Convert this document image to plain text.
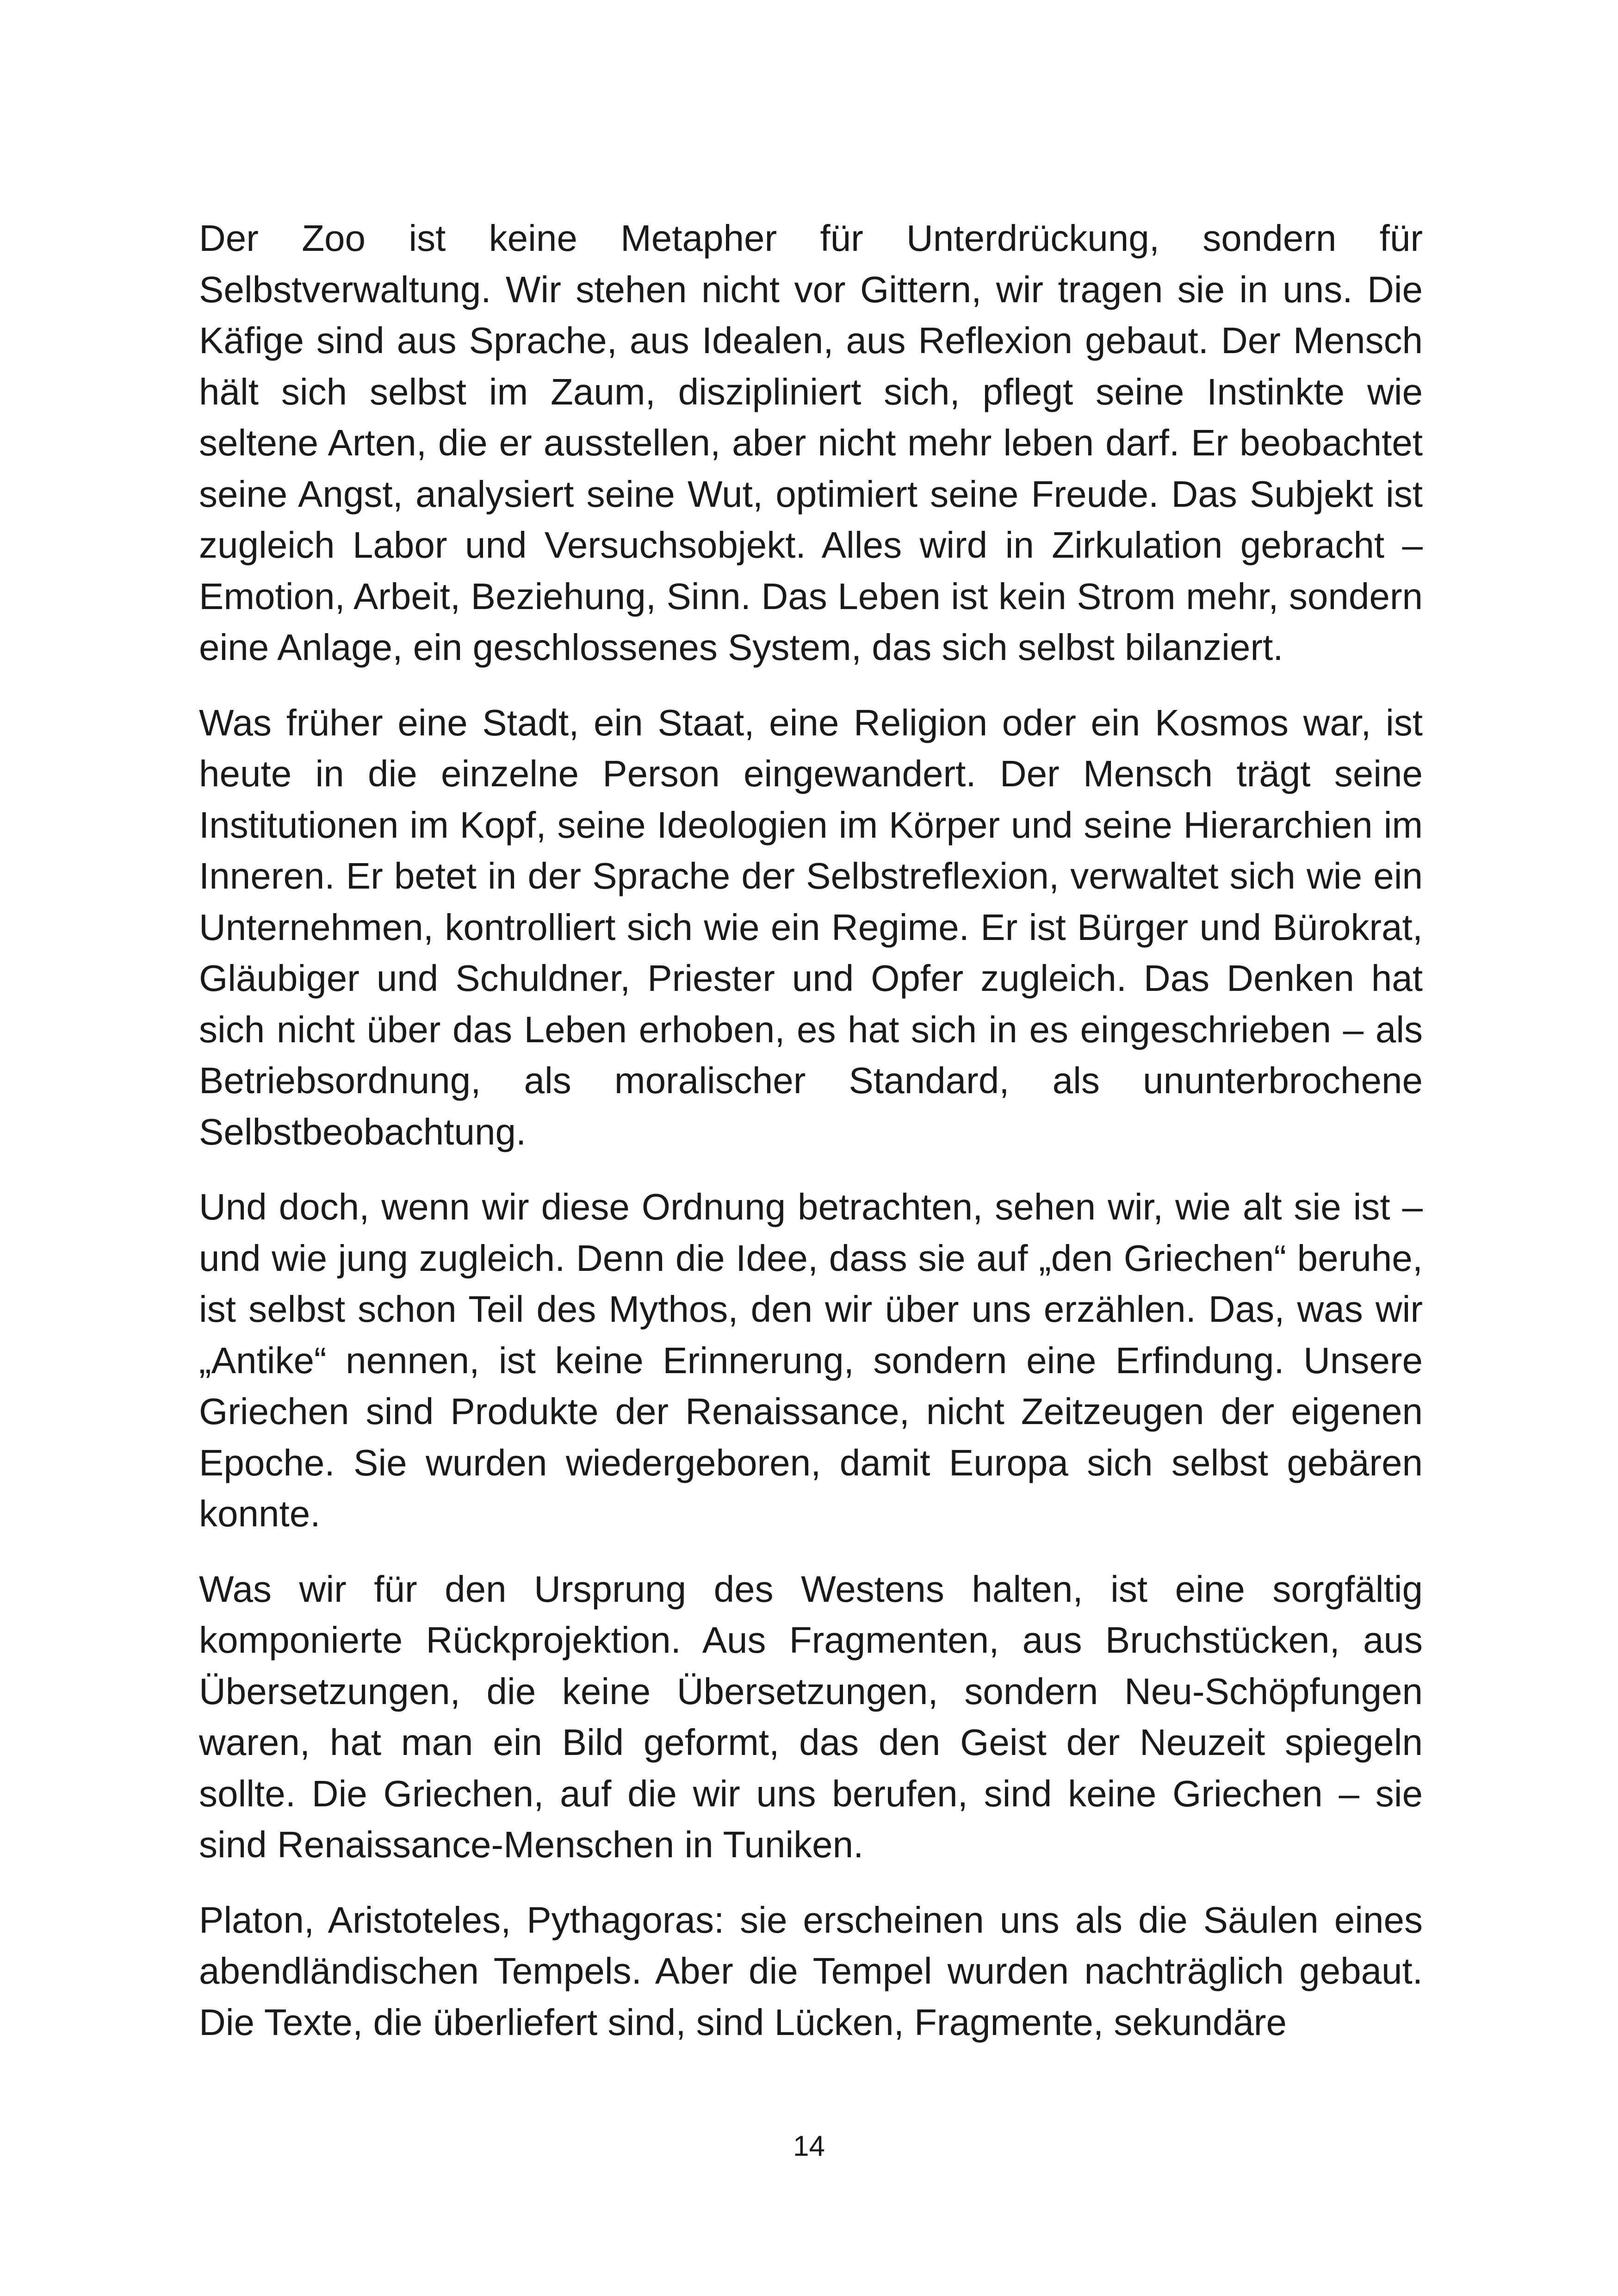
Der Zoo ist keine Metapher für Unterdrückung, sondern für Selbstverwaltung. Wir stehen nicht vor Gittern, wir tragen sie in uns. Die Käfige sind aus Sprache, aus Idealen, aus Reflexion gebaut. Der Mensch hält sich selbst im Zaum, diszipliniert sich, pflegt seine Instinkte wie seltene Arten, die er ausstellen, aber nicht mehr leben darf. Er beobachtet seine Angst, analysiert seine Wut, optimiert seine Freude. Das Subjekt ist zugleich Labor und Versuchsobjekt. Alles wird in Zirkulation gebracht – Emotion, Arbeit, Beziehung, Sinn. Das Leben ist kein Strom mehr, sondern eine Anlage, ein geschlossenes System, das sich selbst bilanziert.

Was früher eine Stadt, ein Staat, eine Religion oder ein Kosmos war, ist heute in die einzelne Person eingewandert. Der Mensch trägt seine Institutionen im Kopf, seine Ideologien im Körper und seine Hierarchien im Inneren. Er betet in der Sprache der Selbstreflexion, verwaltet sich wie ein Unternehmen, kontrolliert sich wie ein Regime. Er ist Bürger und Bürokrat, Gläubiger und Schuldner, Priester und Opfer zugleich. Das Denken hat sich nicht über das Leben erhoben, es hat sich in es eingeschrieben – als Betriebsordnung, als moralischer Standard, als ununterbrochene Selbstbeobachtung.

Und doch, wenn wir diese Ordnung betrachten, sehen wir, wie alt sie ist – und wie jung zugleich. Denn die Idee, dass sie auf „den Griechen“ beruhe, ist selbst schon Teil des Mythos, den wir über uns erzählen. Das, was wir „Antike“ nennen, ist keine Erinnerung, sondern eine Erfindung. Unsere Griechen sind Produkte der Renaissance, nicht Zeitzeugen der eigenen Epoche. Sie wurden wiedergeboren, damit Europa sich selbst gebären konnte.

Was wir für den Ursprung des Westens halten, ist eine sorgfältig komponierte Rückprojektion. Aus Fragmenten, aus Bruchstücken, aus Übersetzungen, die keine Übersetzungen, sondern Neu-Schöpfungen waren, hat man ein Bild geformt, das den Geist der Neuzeit spiegeln sollte. Die Griechen, auf die wir uns berufen, sind keine Griechen – sie sind Renaissance-Menschen in Tuniken.

Platon, Aristoteles, Pythagoras: sie erscheinen uns als die Säulen eines abendländischen Tempels. Aber die Tempel wurden nachträglich gebaut. Die Texte, die überliefert sind, sind Lücken, Fragmente, sekundäre

14
